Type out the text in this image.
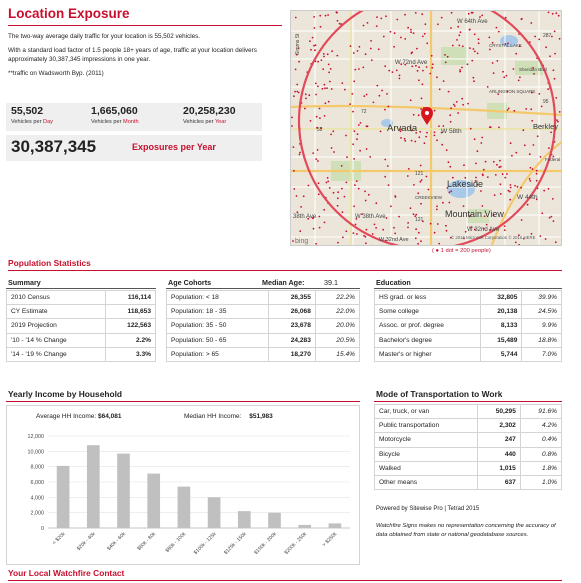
Location Exposure

The two-way average daily traffic for your location is 55,502 vehicles.

With a standard load factor of 1.5 people 18+ years of age, traffic at your location delivers approximately 30,387,345 impressions in one year.

**traffic on Wadsworth Byp. (2011)

55,502
Vehicles per Day
1,665,060
Vehicles per Month
20,258,230
Vehicles per Year
30,387,345	Exposures per Year
W 64th Ave
W 72nd Ave
Arvada	W 58th
Lakeside
Mountain View
W 44th
CREEKVIEW
38th Ave	W 38th Ave
W 32nd Ave
W 32nd Ave
Berkley
ARLINGTON SQUARE
CRYSTAL LAKE
bing
© 2016 Microsoft Corporation © 2016 HERE
287
95
121
121
72
52
Simms St
Sheridan Blvd
Federal
( ● 1 dot = 200 people)
Population Statistics
Summary
2010 Census	116,114
CY Estimate	118,653
2019 Projection	122,563
'10 - '14 % Change	2.2%
'14 - '19 % Change	3.3%
Age Cohorts	Median Age:	39.1
Population: < 18	26,355	22.2%
Population: 18 - 35	26,068	22.0%
Population: 35 - 50	23,678	20.0%
Population: 50 - 65	24,283	20.5%
Population: > 65	18,270	15.4%
Education
HS grad. or less	32,805	39.9%
Some college	20,138	24.5%
Assoc. or prof. degree	8,133	9.9%
Bachelor's degree	15,489	18.8%
Master's or higher	5,744	7.0%
Yearly Income by Household
Average HH Income: $64,081	Median HH Income: $51,983
0
2,000
4,000
6,000
8,000
10,000
12,000
< $20k $20k - 40k $40k - 60k $60k - 80k $80k - 100k $100k - 125k $125k - 150k $150k - 200k $200k - 250k	> $250k
Mode of Transportation to Work
Car, truck, or van	50,295	91.6%
Public transportation	2,302	4.2%
Motorcycle	247	0.4%
Bicycle	440	0.8%
Walked	1,015	1.8%
Other means	637	1.0%
Powered by Sitewise Pro | Tetrad 2015
Watchfire Signs makes no representation concerning the accuracy of data obtained from state or national geodatabase sources.
Your Local Watchfire Contact
